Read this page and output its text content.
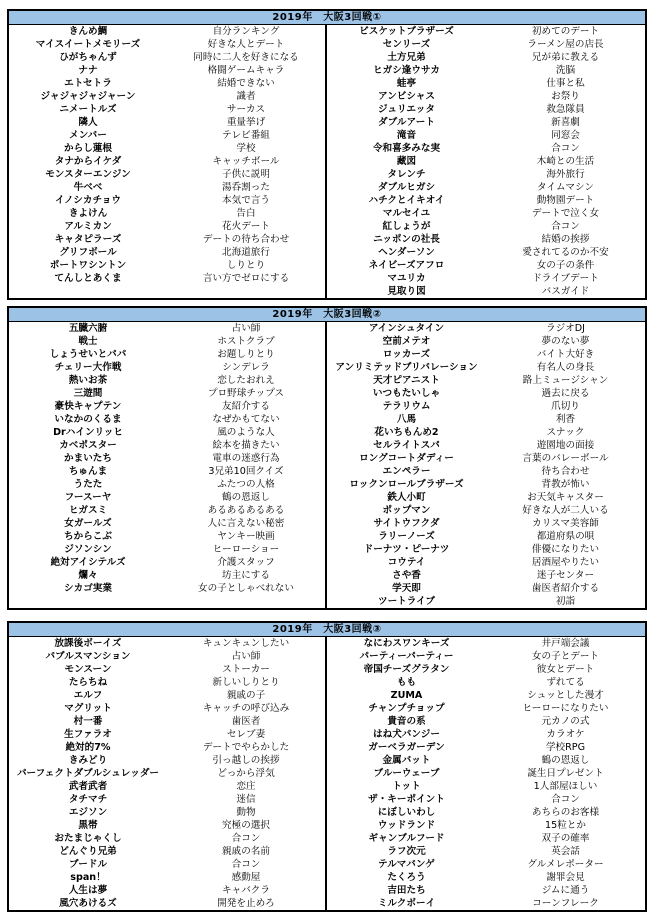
2019年　大阪3回戦①
きんめ鯛	自分ランキング
マイスイートメモリーズ	好きな人とデート
ひがちゃんず	同時に二人を好きになる
ナナ	格闘ゲームキャラ
エトセトラ	結婚できない
ジャジャジャジャーン	識者
ニメートルズ	サーカス
隣人	重量挙げ
メンバー	テレビ番組
からし蓮根	学校
タナからイケダ	キャッチボール
モンスターエンジン	子供に説明
牛べべ	湯呑割った
イノシカチョウ	本気で言う
きよけん	告白
アルミカン	花火デート
キャタピラーズ	デートの待ち合わせ
グリフボール	北海道旅行
ポートワシントン	しりとり
てんしとあくま	言い方でゼロにする
ビスケットブラザーズ	初めてのデート
センリーズ	ラーメン屋の店長
土方兄弟	兄が弟に教える
ヒガシ逢ウサカ	洗脳
蛙亭	仕事と私
アンビシャス	お祭り
ジュリエッタ	救急隊員
ダブルアート	新喜劇
滝音	同窓会
令和喜多みな実	合コン
藏図	木崎との生活
タレンチ	海外旅行
ダブルヒガシ	タイムマシン
ハチクとイキオイ	動物園デート
マルセイユ	デートで泣く女
紅しょうが	合コン
ニッポンの社長	結婚の挨拶
ヘンダーソン	愛されてるのか不安
ネイビーズアフロ	女の子の条件
マユリカ	ドライブデート
見取り図	バスガイド
2019年　大阪3回戦②
五臓六腑	占い師
戦士	ホストクラブ
しょうせいとパパ	お題しりとり
チェリー大作戦	シンデレラ
熱いお茶	恋したおれえ
三遊間	プロ野球チップス
豪快キャプテン	友紹介する
いなかのくるま	なぜかもてない
Drハインリッヒ	風のような人
カベポスター	絵本を描きたい
かまいたち	電車の迷惑行為
ちゅんま	3兄弟10回クイズ
うたた	ふたつの人格
フースーヤ	鶴の恩返し
ヒガスミ	あるあるあるある
女ガールズ	人に言えない秘密
ちからこぶ	ヤンキー映画
ジソンシン	ヒーローショー
絶対アイシテルズ	介護スタッフ
爛々	坊主にする
シカゴ実業	女の子としゃべれない
アインシュタイン	ラジオDJ
空前メテオ	夢のない夢
ロッカーズ	バイト大好き
アンリミテッドブリバレーション	有名人の身長
天才ピアニスト	路上ミュージシャン
いつもたいしゃ	過去に戻る
テラリウム	爪切り
八馬	利香
花いちもんめ2	スナック
セルライトスパ	遊園地の面接
ロングコートダディー	言葉のバレーボール
エンペラー	待ち合わせ
ロックンロールブラザーズ	背教が怖い
鉄人小町	お天気キャスター
ポップマン	好きな人が二人いる
サイトウフクダ	カリスマ美容師
ラリーノーズ	都道府県の唄
ドーナツ・ピーナツ	俳優になりたい
コウテイ	居酒屋やりたい
さや香	迷子センター
学天即	歯医者紹介する
ツートライブ	初詣
2019年　大阪3回戦③
放課後ボーイズ	キュンキュンしたい
バブルスマンション	占い師
モンスーン	ストーカー
たらちね	新しいしりとり
エルフ	親戚の子
マグリット	キャッチの呼び込み
村一番	歯医者
生ファラオ	セレブ妻
絶対的7%	デートでやらかした
きみどり	引っ越しの挨拶
パーフェクトダブルシュレッダー	どっから浮気
武者武者	恋庄
タチマチ	迷信
エジソン	動物
黒帯	究極の選択
おたまじゃくし	合コン
どんぐり兄弟	親戚の名前
ブードル	合コン
span！	感動屋
人生は夢	キャバクラ
風穴あけるズ	開発を止めろ
なにわスワンキーズ	井戸端会議
パーティーパーティー	女の子とデート
帝国チーズグラタン	彼女とデート
もも	ずれてる
ZUMA	シュッとした漫才
チャンプチョップ	ヒーローになりたい
貴音の系	元カノの式
はね犬パンジー	カラオケ
ガーベラガーデン	学校RPG
金属バット	鶴の恩返し
ブルーウェーブ	誕生日プレゼント
トット	1人部屋ほしい
ザ・キーポイント	合コン
にぼしいわし	あちらのお客様
ウッドランド	15粒とか
ギャンブルフード	双子の確率
ラフ次元	英会話
テルマバンゲ	グルメレポーター
たくろう	謝罪会見
吉田たち	ジムに通う
ミルクボーイ	コーンフレーク
